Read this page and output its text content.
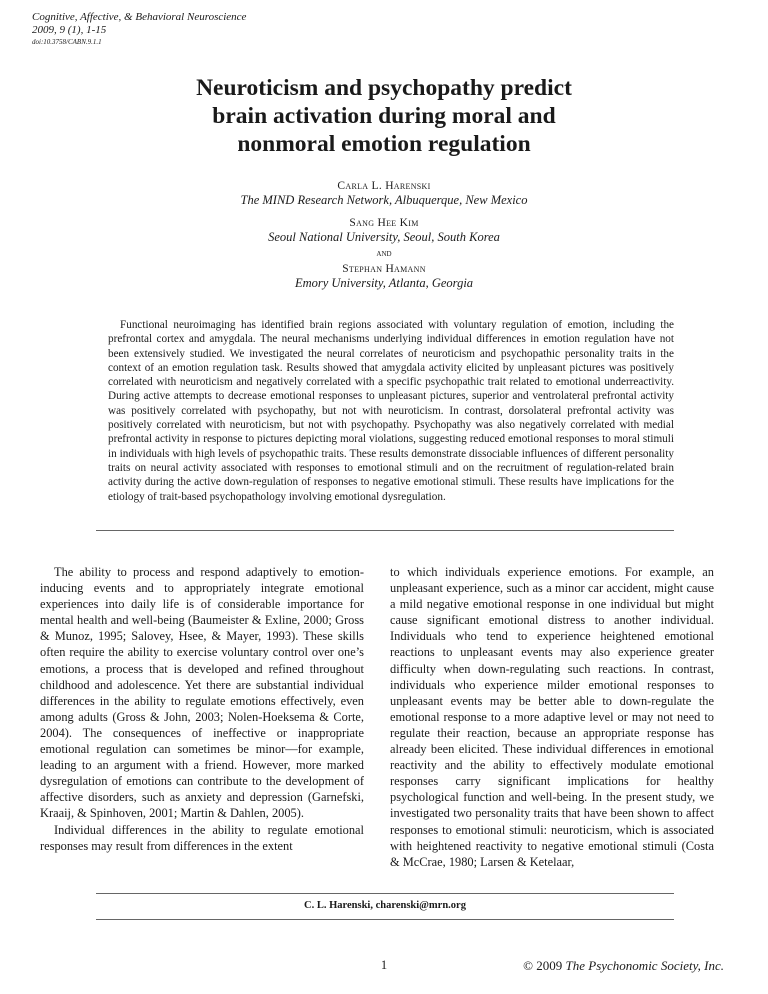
Cognitive, Affective, & Behavioral Neuroscience
2009, 9 (1), 1-15
doi:10.3758/CABN.9.1.1
Neuroticism and psychopathy predict
brain activation during moral and
nonmoral emotion regulation
Carla L. Harenski
The MIND Research Network, Albuquerque, New Mexico
Sang Hee Kim
Seoul National University, Seoul, South Korea
and
Stephan Hamann
Emory University, Atlanta, Georgia

Functional neuroimaging has identified brain regions associated with voluntary regulation of emotion, including the prefrontal cortex and amygdala. The neural mechanisms underlying individual differences in emotion regulation have not been extensively studied. We investigated the neural correlates of neuroticism and psychopathic personality traits in the context of an emotion regulation task. Results showed that amygdala activity elicited by unpleasant pictures was positively correlated with neuroticism and negatively correlated with a specific psychopathic trait related to emotional underreactivity. During active attempts to decrease emotional responses to unpleasant pictures, superior and ventrolateral prefrontal activity was positively correlated with psychopathy, but not with neuroticism. In contrast, dorsolateral prefrontal activity was positively correlated with neuroticism, but not with psychopathy. Psychopathy was also negatively correlated with medial prefrontal activity in response to pictures depicting moral violations, suggesting reduced emotional responses to moral stimuli in individuals with high levels of psychopathic traits. These results demonstrate dissociable influences of different personality traits on neural activity associated with responses to emotional stimuli and on the recruitment of regulation-related brain activity during the active down-regulation of responses to negative emotional stimuli. These results have implications for the etiology of trait-based psychopathology involving emotional dysregulation.

The ability to process and respond adaptively to emotion-inducing events and to appropriately integrate emotional experiences into daily life is of considerable importance for mental health and well-being (Baumeister & Exline, 2000; Gross & Munoz, 1995; Salovey, Hsee, & Mayer, 1993). These skills often require the ability to exercise voluntary control over one’s emotions, a process that is developed and refined throughout childhood and adolescence. Yet there are substantial individual differences in the ability to regulate emotions effectively, even among adults (Gross & John, 2003; Nolen-Hoeksema & Corte, 2004). The consequences of ineffective or inappropriate emotional regulation can sometimes be minor—for example, leading to an argument with a friend. However, more marked dysregulation of emotions can contribute to the development of affective disorders, such as anxiety and depression (Garnefski, Kraaij, & Spinhoven, 2001; Martin & Dahlen, 2005).

Individual differences in the ability to regulate emotional responses may result from differences in the extent

to which individuals experience emotions. For example, an unpleasant experience, such as a minor car accident, might cause a mild negative emotional response in one individual but might cause significant emotional distress to another individual. Individuals who tend to experience heightened emotional reactions to unpleasant events may also experience greater difficulty when down-regulating such reactions. In contrast, individuals who experience milder emotional responses to unpleasant events may be better able to down-regulate the emotional response to a more adaptive level or may not need to regulate their reaction, because an appropriate response has already been elicited. These individual differences in emotional reactivity and the ability to effectively modulate emotional responses carry significant implications for healthy psychological function and well-being. In the present study, we investigated two personality traits that have been shown to affect responses to emotional stimuli: neuroticism, which is associated with heightened reactivity to negative emotional stimuli (Costa & McCrae, 1980; Larsen & Ketelaar,

C. L. Harenski, charenski@mrn.org
1	© 2009 The Psychonomic Society, Inc.
